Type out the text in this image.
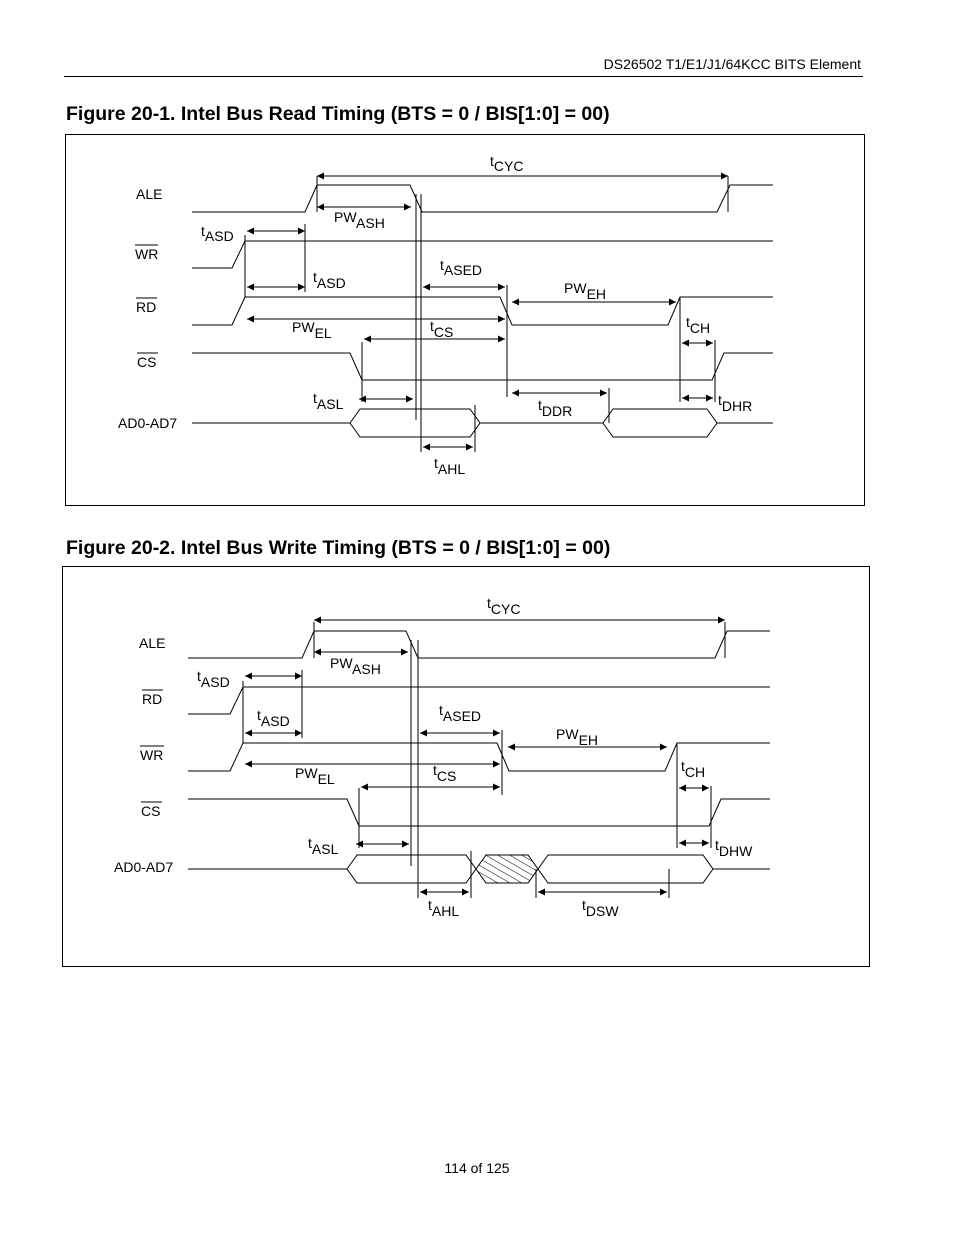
DS26502 T1/E1/J1/64KCC BITS Element
Figure 20-1. Intel Bus Read Timing (BTS = 0 / BIS[1:0] = 00)
Figure 20-2. Intel Bus Write Timing (BTS = 0 / BIS[1:0] = 00)
ALE
WR
RD
CS
AD0-AD7
tCYC
PWASH
tASD
tASD
tASED
PWEH
PWEL	tCS
tCH
tASL	tDDR
tDHR
tAHL
ALE
RD
WR
CS
AD0-AD7
tCYC
PWASH
tASD
tASD
tASED
PWEH
PWEL
tCS
tCH
tASL	tDHW
tAHL	tDSW
114 of 125
